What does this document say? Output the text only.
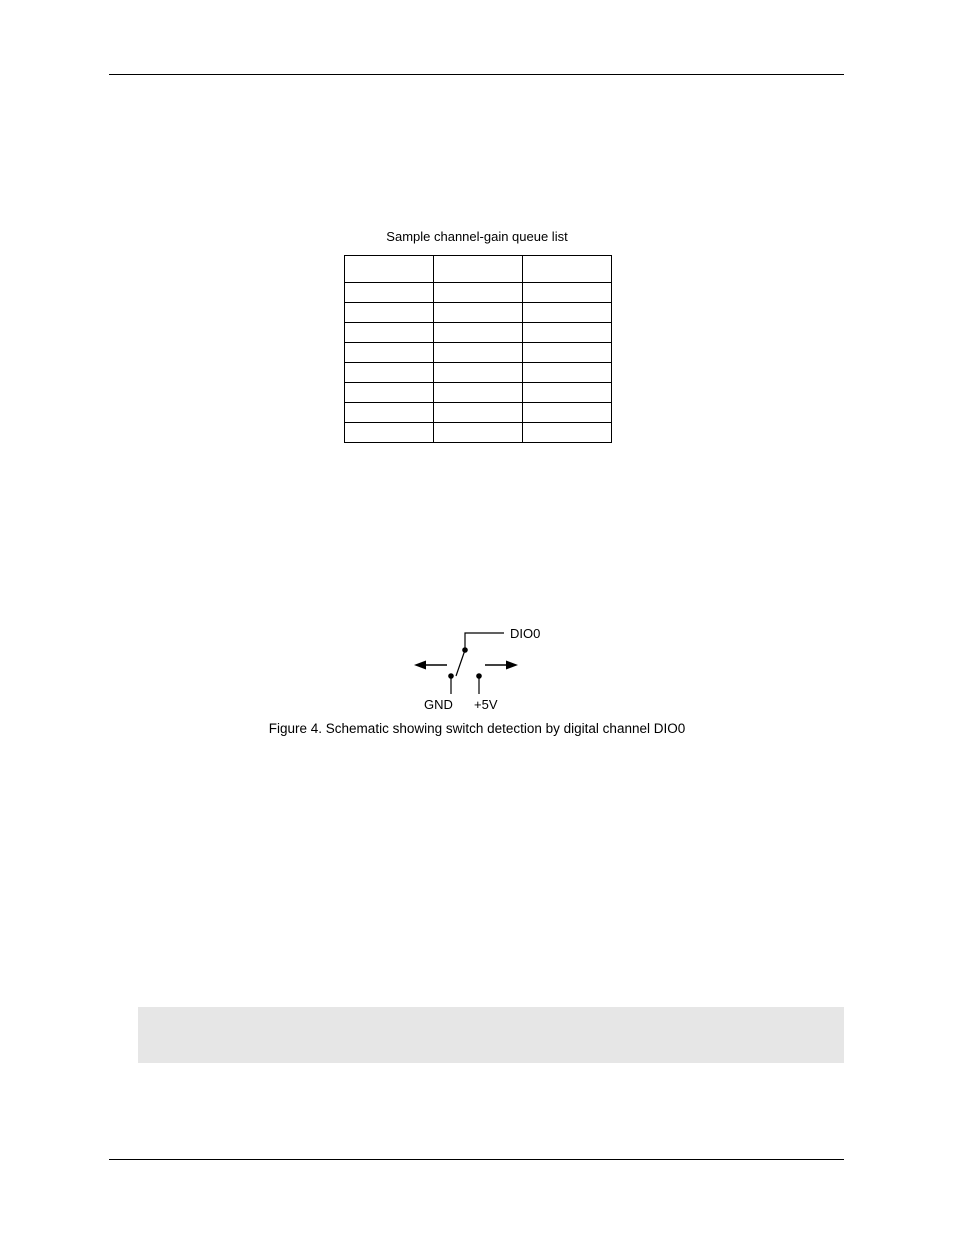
Sample channel-gain queue list

DIO0
GND +5V
Figure 4. Schematic showing switch detection by digital channel DIO0
